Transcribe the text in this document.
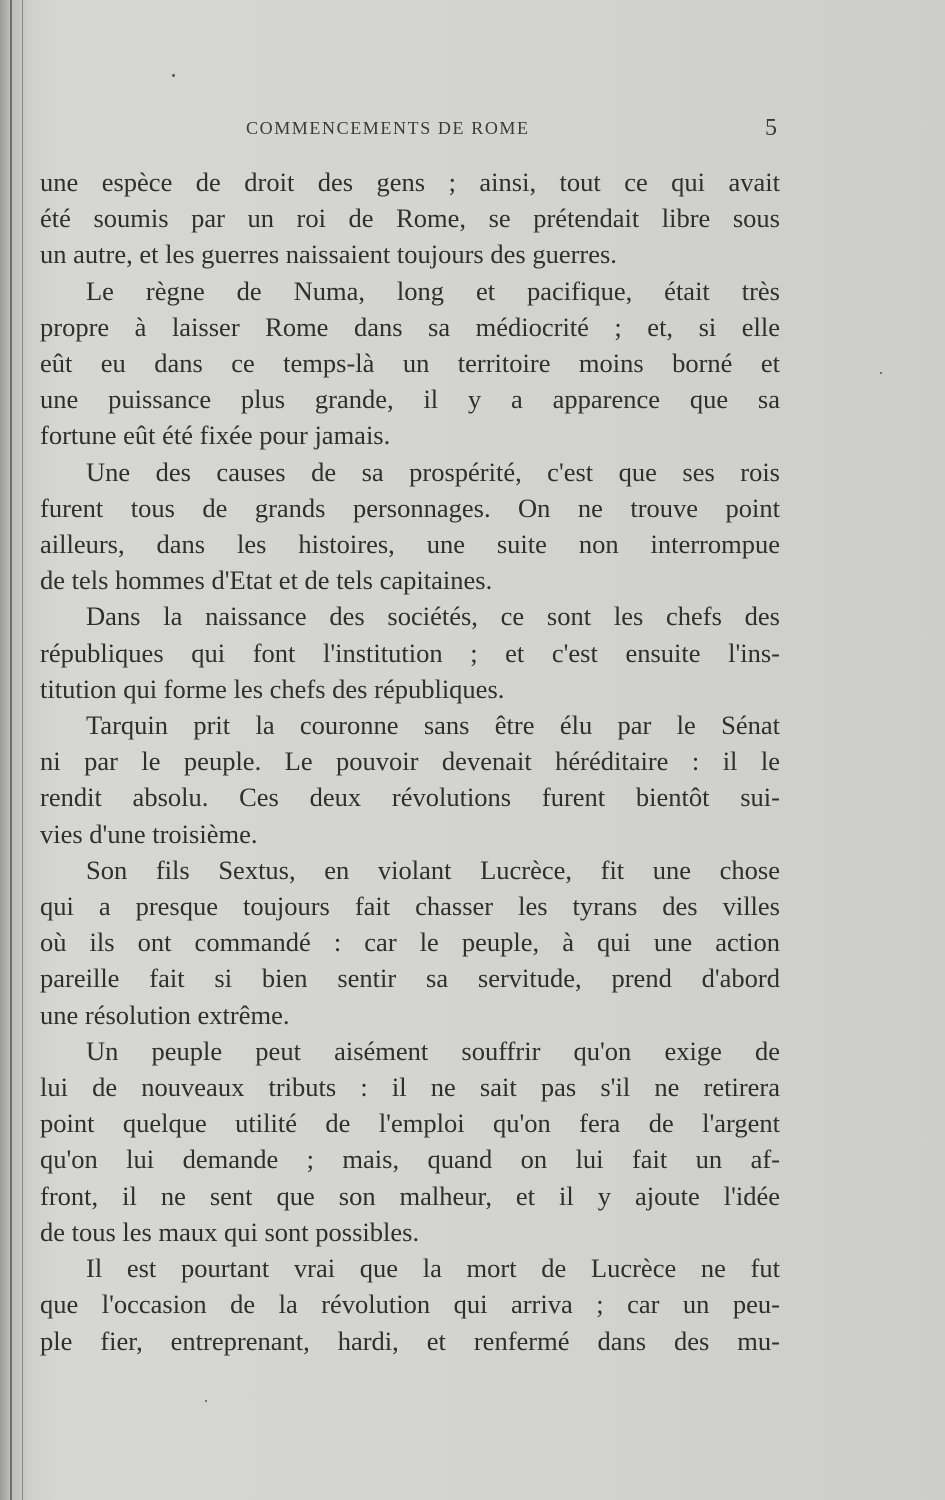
COMMENCEMENTS DE ROME	5

une espèce de droit des gens ; ainsi, tout ce qui avait

été soumis par un roi de Rome, se prétendait libre sous

un autre, et les guerres naissaient toujours des guerres.

Le règne de Numa, long et pacifique, était très

propre à laisser Rome dans sa médiocrité ; et, si elle

eût eu dans ce temps-là un territoire moins borné et

une puissance plus grande, il y a apparence que sa

fortune eût été fixée pour jamais.

Une des causes de sa prospérité, c'est que ses rois

furent tous de grands personnages. On ne trouve point

ailleurs, dans les histoires, une suite non interrompue

de tels hommes d'Etat et de tels capitaines.

Dans la naissance des sociétés, ce sont les chefs des

républiques qui font l'institution ; et c'est ensuite l'ins-

titution qui forme les chefs des républiques.

Tarquin prit la couronne sans être élu par le Sénat

ni par le peuple. Le pouvoir devenait héréditaire : il le

rendit absolu. Ces deux révolutions furent bientôt sui-

vies d'une troisième.

Son fils Sextus, en violant Lucrèce, fit une chose

qui a presque toujours fait chasser les tyrans des villes

où ils ont commandé : car le peuple, à qui une action

pareille fait si bien sentir sa servitude, prend d'abord

une résolution extrême.

Un peuple peut aisément souffrir qu'on exige de

lui de nouveaux tributs : il ne sait pas s'il ne retirera

point quelque utilité de l'emploi qu'on fera de l'argent

qu'on lui demande ; mais, quand on lui fait un af-

front, il ne sent que son malheur, et il y ajoute l'idée

de tous les maux qui sont possibles.

Il est pourtant vrai que la mort de Lucrèce ne fut

que l'occasion de la révolution qui arriva ; car un peu-

ple fier, entreprenant, hardi, et renfermé dans des mu-
